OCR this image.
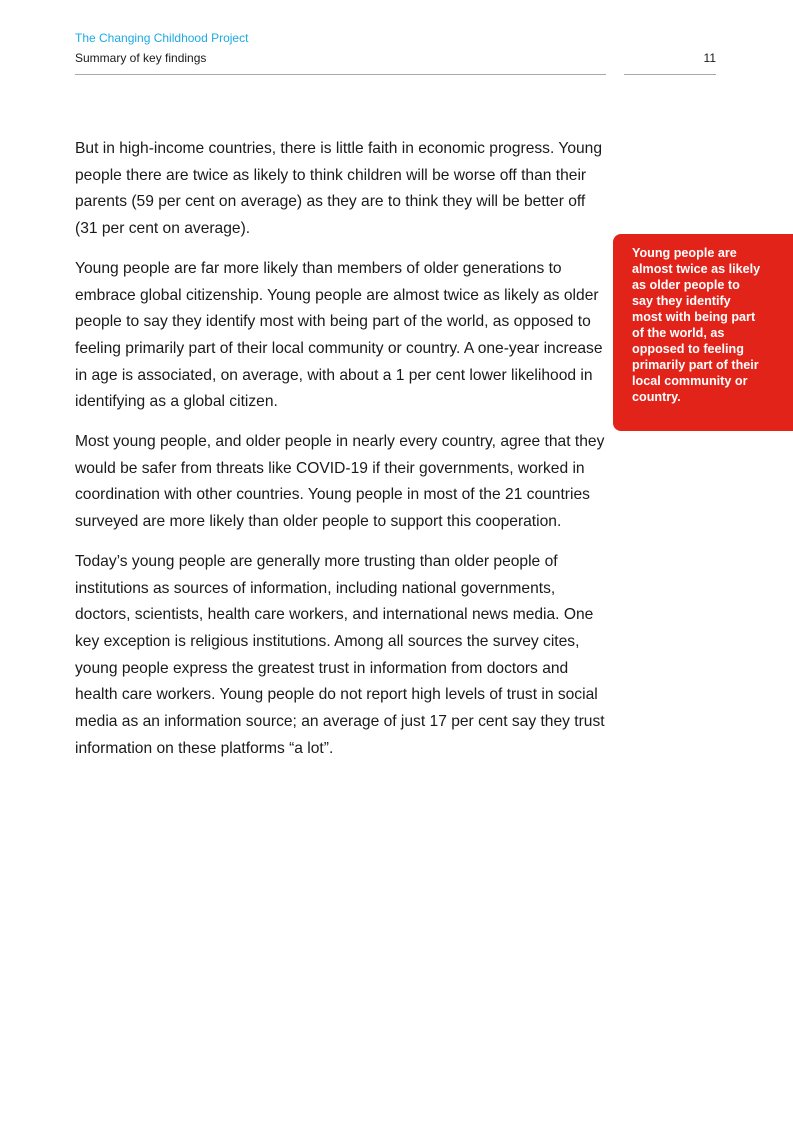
The Changing Childhood Project
Summary of key findings	11

But in high-income countries, there is little faith in economic progress. Young people there are twice as likely to think children will be worse off than their parents (59 per cent on average) as they are to think they will be better off (31 per cent on average).

Young people are far more likely than members of older generations to embrace global citizenship. Young people are almost twice as likely as older people to say they identify most with being part of the world, as opposed to feeling primarily part of their local community or country. A one-year increase in age is associated, on average, with about a 1 per cent lower likelihood in identifying as a global citizen.

Most young people, and older people in nearly every country, agree that they would be safer from threats like COVID-19 if their governments, worked in coordination with other countries. Young people in most of the 21 countries surveyed are more likely than older people to support this cooperation.

Today’s young people are generally more trusting than older people of institutions as sources of information, including national governments, doctors, scientists, health care workers, and international news media. One key exception is religious institutions. Among all sources the survey cites, young people express the greatest trust in information from doctors and health care workers. Young people do not report high levels of trust in social media as an information source; an average of just 17 per cent say they trust information on these platforms “a lot”.

Young people are almost twice as likely as older people to say they identify most with being part of the world, as opposed to feeling primarily part of their local community or country.
